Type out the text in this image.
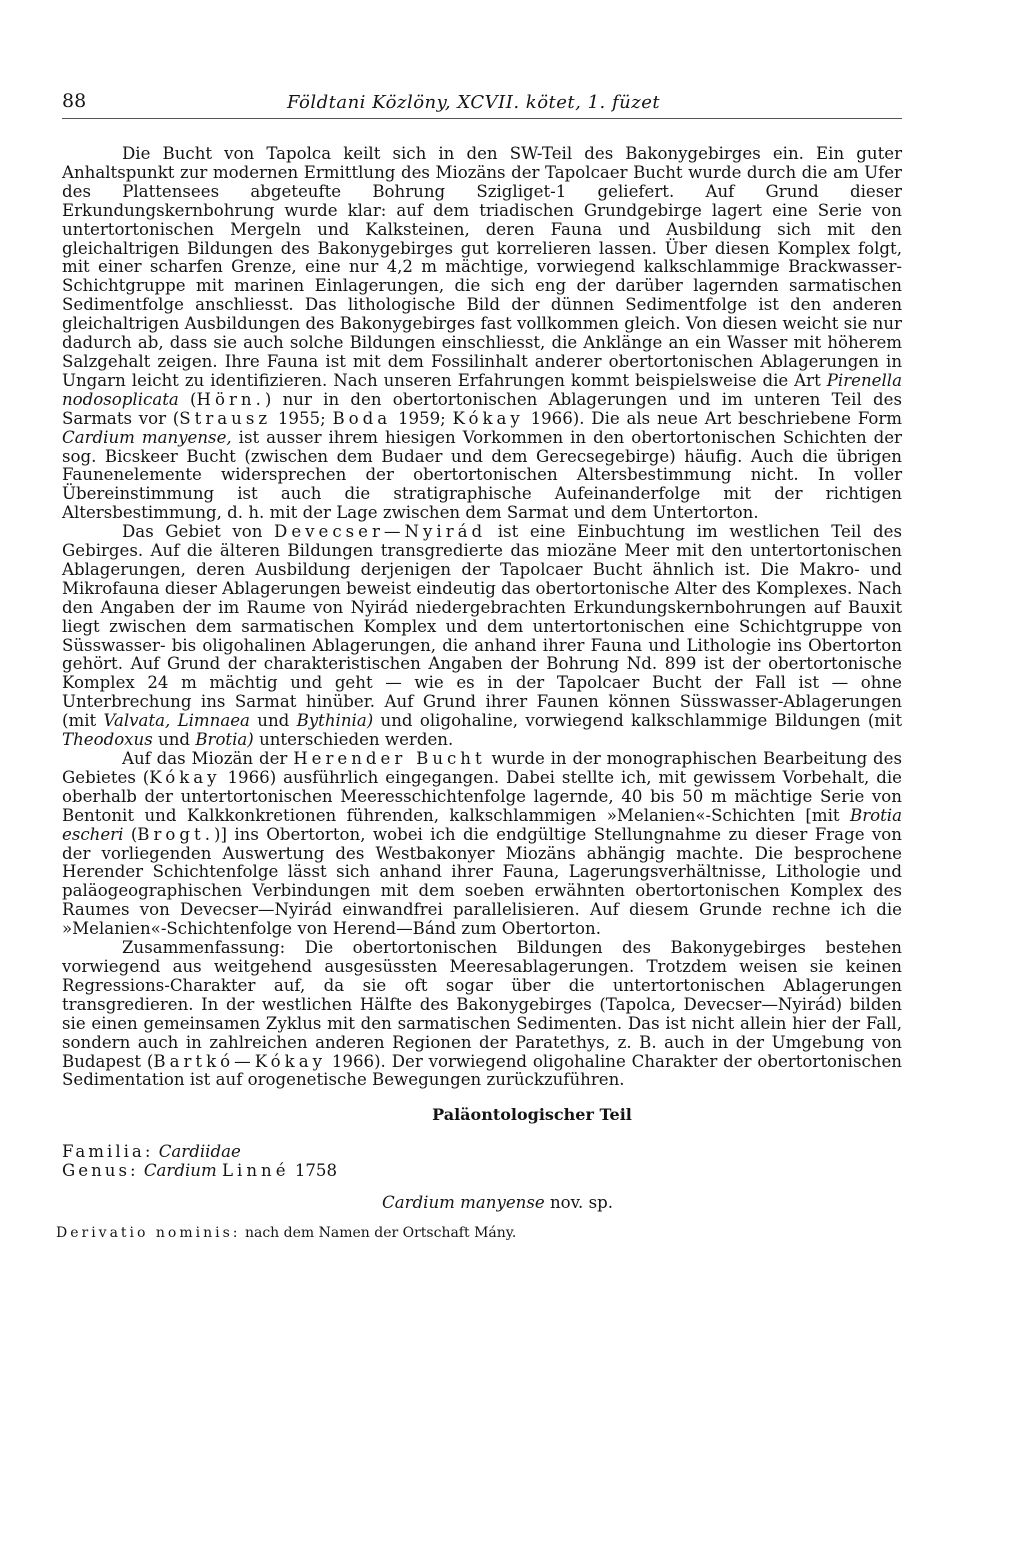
88	Földtani Közlöny, XCVII. kötet, 1. füzet

Die Bucht von Tapolca keilt sich in den SW-Teil des Bakonygebirges ein. Ein guter Anhaltspunkt zur modernen Ermittlung des Miozäns der Tapolcaer Bucht wurde durch die am Ufer des Plattensees abgeteufte Bohrung Szigliget-1 geliefert. Auf Grund dieser Erkundungskernbohrung wurde klar: auf dem triadischen Grundgebirge lagert eine Serie von untertortonischen Mergeln und Kalksteinen, deren Fauna und Ausbildung sich mit den gleichaltrigen Bildungen des Bakonygebirges gut korrelieren lassen. Über diesen Komplex folgt, mit einer scharfen Grenze, eine nur 4,2 m mächtige, vorwiegend kalkschlammige Brackwasser-Schichtgruppe mit marinen Einlagerungen, die sich eng der darüber lagernden sarmatischen Sedimentfolge anschliesst. Das lithologische Bild der dünnen Sedimentfolge ist den anderen gleichaltrigen Ausbildungen des Bakonygebirges fast vollkommen gleich. Von diesen weicht sie nur dadurch ab, dass sie auch solche Bildungen einschliesst, die Anklänge an ein Wasser mit höherem Salzgehalt zeigen. Ihre Fauna ist mit dem Fossilinhalt anderer obertortonischen Ablagerungen in Ungarn leicht zu identifizieren. Nach unseren Erfahrungen kommt beispielsweise die Art Pirenella nodosoplicata (Hörn.) nur in den obertortonischen Ablagerungen und im unteren Teil des Sarmats vor (Strausz 1955; Boda 1959; Kókay 1966). Die als neue Art beschriebene Form Cardium manyense, ist ausser ihrem hiesigen Vorkommen in den obertortonischen Schichten der sog. Bicskeer Bucht (zwischen dem Budaer und dem Gerecsegebirge) häufig. Auch die übrigen Faunenelemente widersprechen der obertortonischen Altersbestimmung nicht. In voller Übereinstimmung ist auch die stratigraphische Aufeinanderfolge mit der richtigen Altersbestimmung, d. h. mit der Lage zwischen dem Sarmat und dem Untertorton.

Das Gebiet von Devecser—Nyirád ist eine Einbuchtung im westlichen Teil des Gebirges. Auf die älteren Bildungen transgredierte das miozäne Meer mit den untertortonischen Ablagerungen, deren Ausbildung derjenigen der Tapolcaer Bucht ähnlich ist. Die Makro- und Mikrofauna dieser Ablagerungen beweist eindeutig das obertortonische Alter des Komplexes. Nach den Angaben der im Raume von Nyirád niedergebrachten Erkundungskernbohrungen auf Bauxit liegt zwischen dem sarmatischen Komplex und dem untertortonischen eine Schichtgruppe von Süsswasser- bis oligohalinen Ablagerungen, die anhand ihrer Fauna und Lithologie ins Obertorton gehört. Auf Grund der charakteristischen Angaben der Bohrung Nd. 899 ist der obertortonische Komplex 24 m mächtig und geht — wie es in der Tapolcaer Bucht der Fall ist — ohne Unterbrechung ins Sarmat hinüber. Auf Grund ihrer Faunen können Süsswasser-Ablagerungen (mit Valvata, Limnaea und Bythinia) und oligohaline, vorwiegend kalkschlammige Bildungen (mit Theodoxus und Brotia) unterschieden werden.

Auf das Miozän der Herender Bucht wurde in der monographischen Bearbeitung des Gebietes (Kókay 1966) ausführlich eingegangen. Dabei stellte ich, mit gewissem Vorbehalt, die oberhalb der untertortonischen Meeresschichtenfolge lagernde, 40 bis 50 m mächtige Serie von Bentonit und Kalkkonkretionen führenden, kalkschlammigen »Melanien«-Schichten [mit Brotia escheri (Brogt.)] ins Obertorton, wobei ich die endgültige Stellungnahme zu dieser Frage von der vorliegenden Auswertung des Westbakonyer Miozäns abhängig machte. Die besprochene Herender Schichtenfolge lässt sich anhand ihrer Fauna, Lagerungsverhältnisse, Lithologie und paläogeographischen Verbindungen mit dem soeben erwähnten obertortonischen Komplex des Raumes von Devecser—Nyirád einwandfrei parallelisieren. Auf diesem Grunde rechne ich die »Melanien«-Schichtenfolge von Herend—Bánd zum Obertorton.

Zusammenfassung: Die obertortonischen Bildungen des Bakonygebirges bestehen vorwiegend aus weitgehend ausgesüssten Meeresablagerungen. Trotzdem weisen sie keinen Regressions-Charakter auf, da sie oft sogar über die untertortonischen Ablagerungen transgredieren. In der westlichen Hälfte des Bakonygebirges (Tapolca, Devecser—Nyirád) bilden sie einen gemeinsamen Zyklus mit den sarmatischen Sedimenten. Das ist nicht allein hier der Fall, sondern auch in zahlreichen anderen Regionen der Paratethys, z. B. auch in der Umgebung von Budapest (Bartkó—Kókay 1966). Der vorwiegend oligohaline Charakter der obertortonischen Sedimentation ist auf orogenetische Bewegungen zurückzuführen.

Paläontologischer Teil

Familia: Cardiidae

Genus: Cardium Linné 1758

Cardium manyense nov. sp.

Derivatio nominis: nach dem Namen der Ortschaft Mány.
